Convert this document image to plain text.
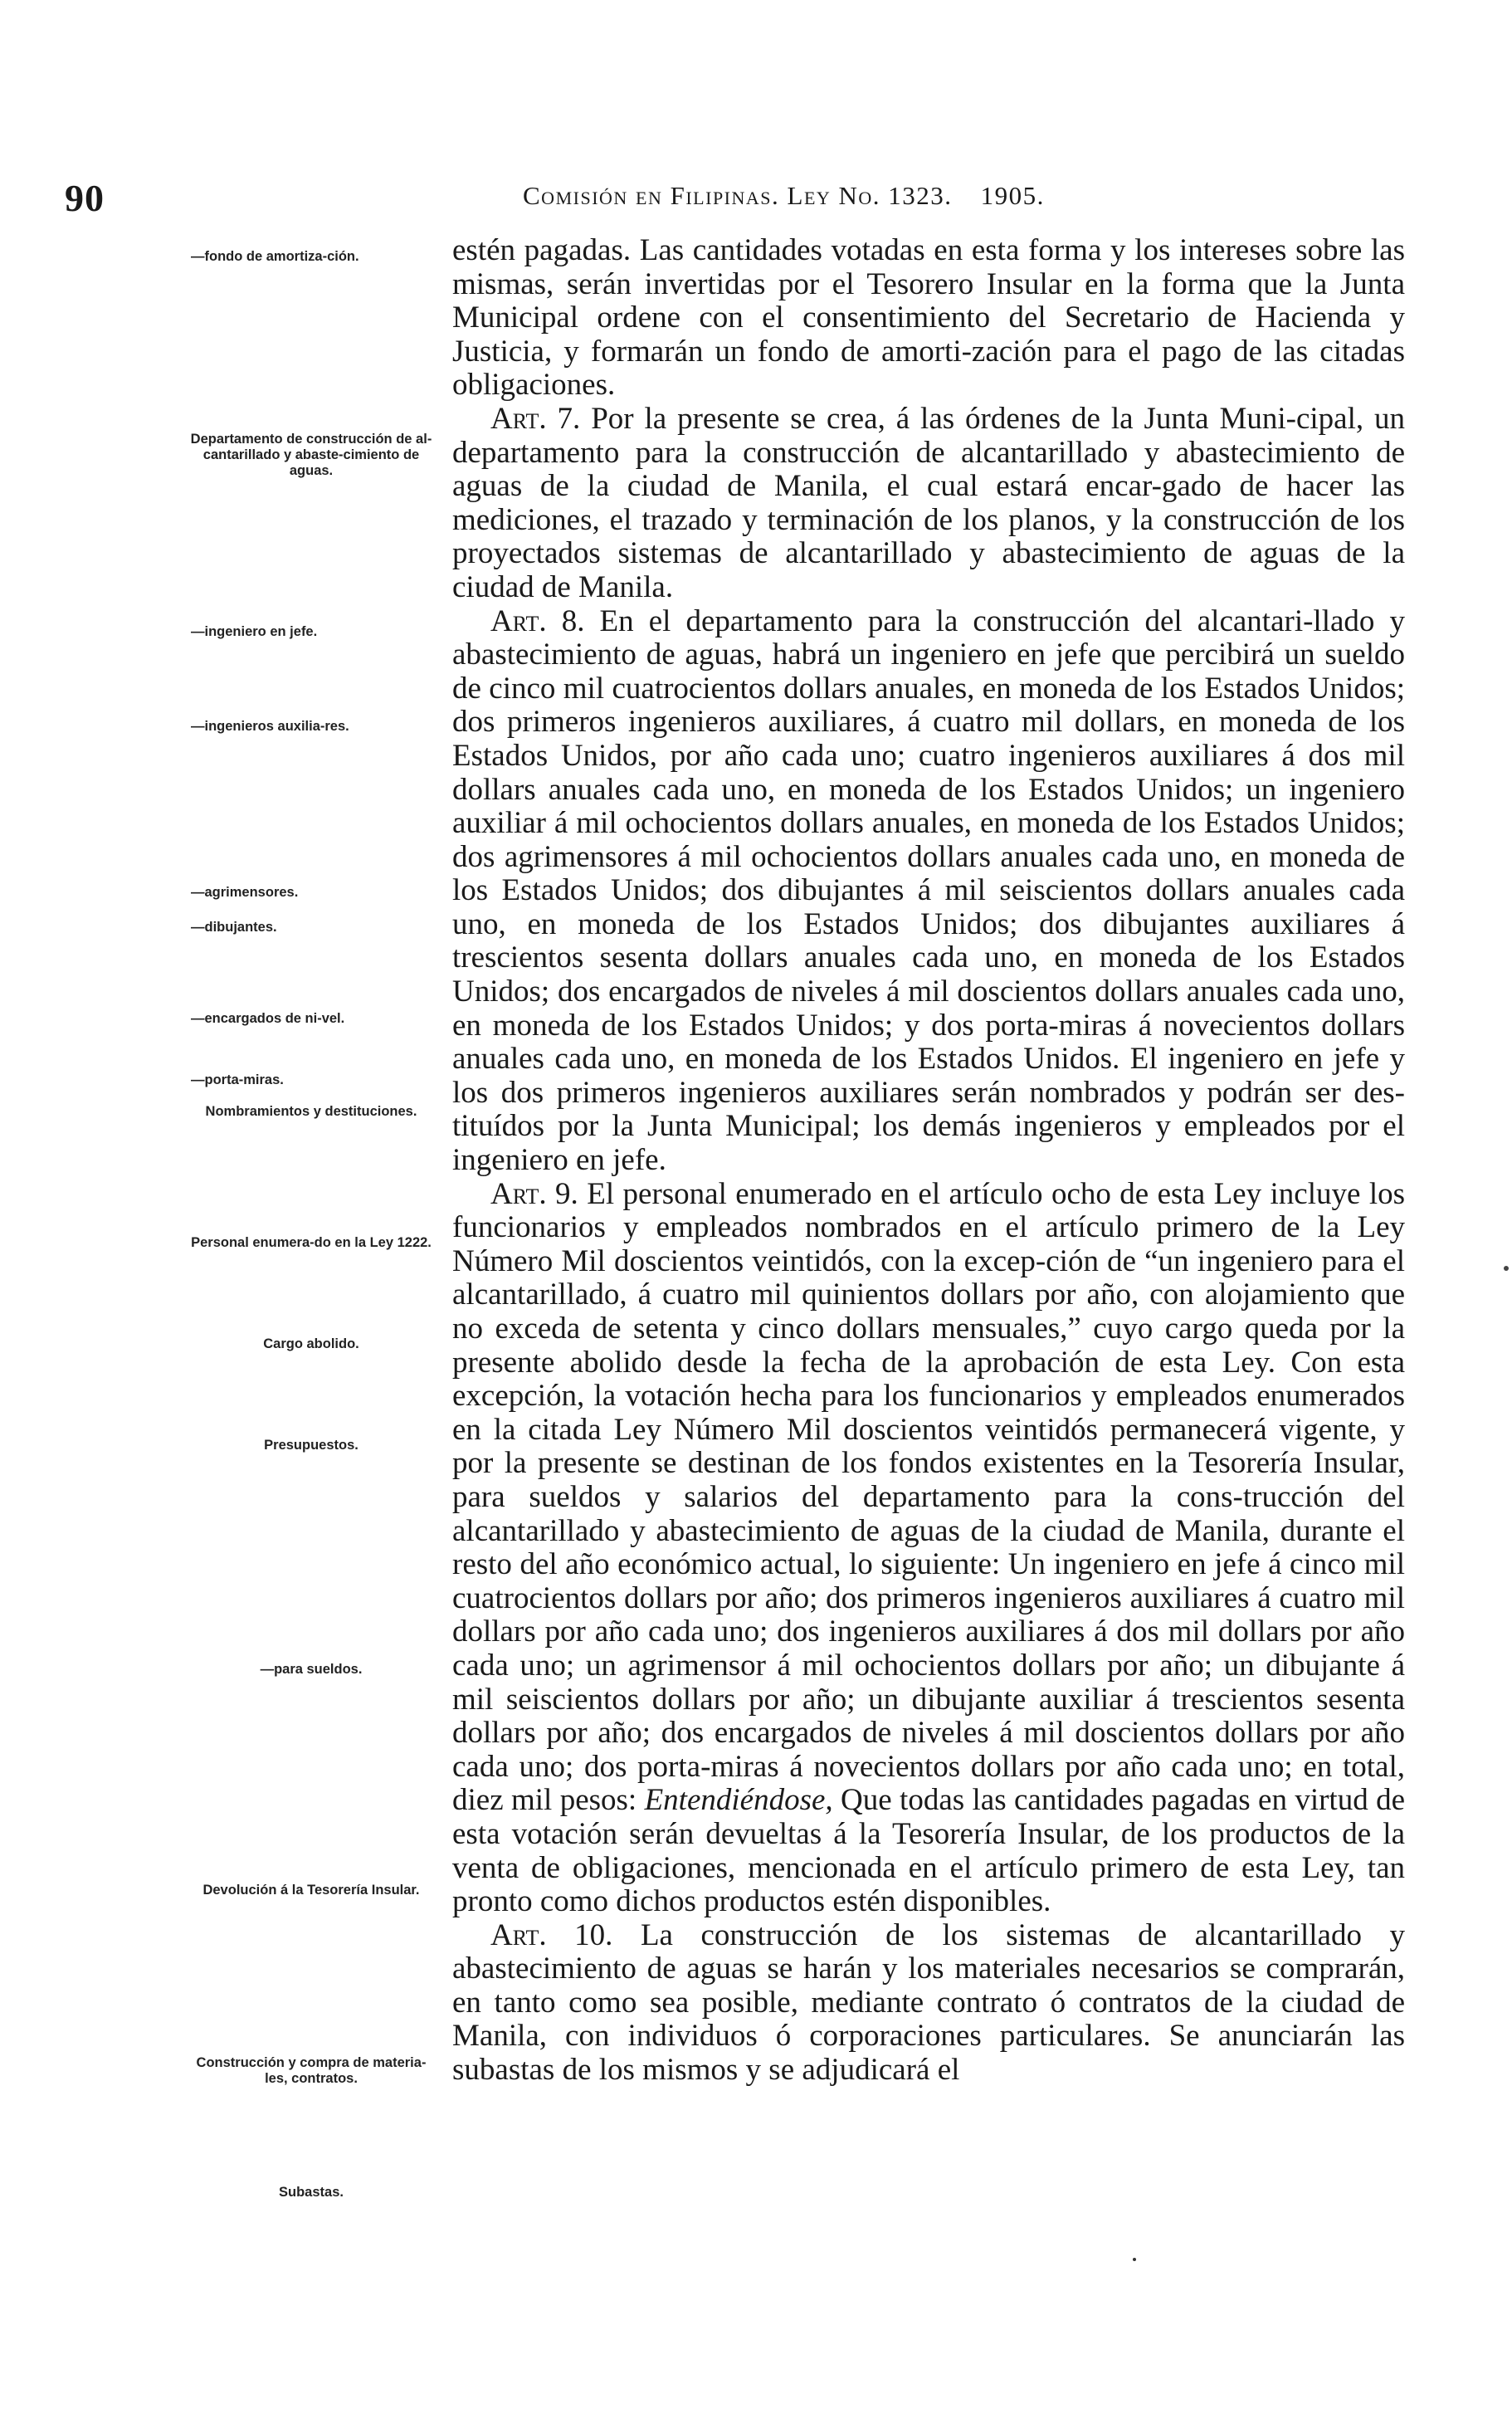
90	Comisión en Filipinas. Ley No. 1323. 1905.
—fondo de amortiza-ción.
Departamento de construcción de al-cantarillado y abaste-cimiento de aguas.
—ingeniero en jefe.
—ingenieros auxilia-res.
—agrimensores.
—dibujantes.
—encargados de ni-vel.
—porta-miras.
Nombramientos y destituciones.
Personal enumera-do en la Ley 1222.
Cargo abolido.
Presupuestos.
—para sueldos.
Devolución á la Tesorería Insular.
Construcción y compra de materia-les, contratos.
Subastas.

estén pagadas. Las cantidades votadas en esta forma y los intereses sobre las mismas, serán invertidas por el Tesorero Insular en la forma que la Junta Municipal ordene con el consentimiento del Secretario de Hacienda y Justicia, y formarán un fondo de amorti-zación para el pago de las citadas obligaciones.

Art. 7. Por la presente se crea, á las órdenes de la Junta Muni-cipal, un departamento para la construcción de alcantarillado y abastecimiento de aguas de la ciudad de Manila, el cual estará encar-gado de hacer las mediciones, el trazado y terminación de los planos, y la construcción de los proyectados sistemas de alcantarillado y abastecimiento de aguas de la ciudad de Manila.

Art. 8. En el departamento para la construcción del alcantari-llado y abastecimiento de aguas, habrá un ingeniero en jefe que percibirá un sueldo de cinco mil cuatrocientos dollars anuales, en moneda de los Estados Unidos; dos primeros ingenieros auxiliares, á cuatro mil dollars, en moneda de los Estados Unidos, por año cada uno; cuatro ingenieros auxiliares á dos mil dollars anuales cada uno, en moneda de los Estados Unidos; un ingeniero auxiliar á mil ochocientos dollars anuales, en moneda de los Estados Unidos; dos agrimensores á mil ochocientos dollars anuales cada uno, en moneda de los Estados Unidos; dos dibujantes á mil seiscientos dollars anuales cada uno, en moneda de los Estados Unidos; dos dibujantes auxiliares á trescientos sesenta dollars anuales cada uno, en moneda de los Estados Unidos; dos encargados de niveles á mil doscientos dollars anuales cada uno, en moneda de los Estados Unidos; y dos porta-miras á novecientos dollars anuales cada uno, en moneda de los Estados Unidos. El ingeniero en jefe y los dos primeros ingenieros auxiliares serán nombrados y podrán ser des-tituídos por la Junta Municipal; los demás ingenieros y empleados por el ingeniero en jefe.

Art. 9. El personal enumerado en el artículo ocho de esta Ley incluye los funcionarios y empleados nombrados en el artículo primero de la Ley Número Mil doscientos veintidós, con la excep-ción de “un ingeniero para el alcantarillado, á cuatro mil quinientos dollars por año, con alojamiento que no exceda de setenta y cinco dollars mensuales,” cuyo cargo queda por la presente abolido desde la fecha de la aprobación de esta Ley. Con esta excepción, la votación hecha para los funcionarios y empleados enumerados en la citada Ley Número Mil doscientos veintidós permanecerá vigente, y por la presente se destinan de los fondos existentes en la Tesorería Insular, para sueldos y salarios del departamento para la cons-trucción del alcantarillado y abastecimiento de aguas de la ciudad de Manila, durante el resto del año económico actual, lo siguiente: Un ingeniero en jefe á cinco mil cuatrocientos dollars por año; dos primeros ingenieros auxiliares á cuatro mil dollars por año cada uno; dos ingenieros auxiliares á dos mil dollars por año cada uno; un agrimensor á mil ochocientos dollars por año; un dibujante á mil seiscientos dollars por año; un dibujante auxiliar á trescientos sesenta dollars por año; dos encargados de niveles á mil doscientos dollars por año cada uno; dos porta-miras á novecientos dollars por año cada uno; en total, diez mil pesos: Entendiéndose, Que todas las cantidades pagadas en virtud de esta votación serán devueltas á la Tesorería Insular, de los productos de la venta de obligaciones, mencionada en el artículo primero de esta Ley, tan pronto como dichos productos estén disponibles.

Art. 10. La construcción de los sistemas de alcantarillado y abastecimiento de aguas se harán y los materiales necesarios se comprarán, en tanto como sea posible, mediante contrato ó contratos de la ciudad de Manila, con individuos ó corporaciones particulares. Se anunciarán las subastas de los mismos y se adjudicará el
